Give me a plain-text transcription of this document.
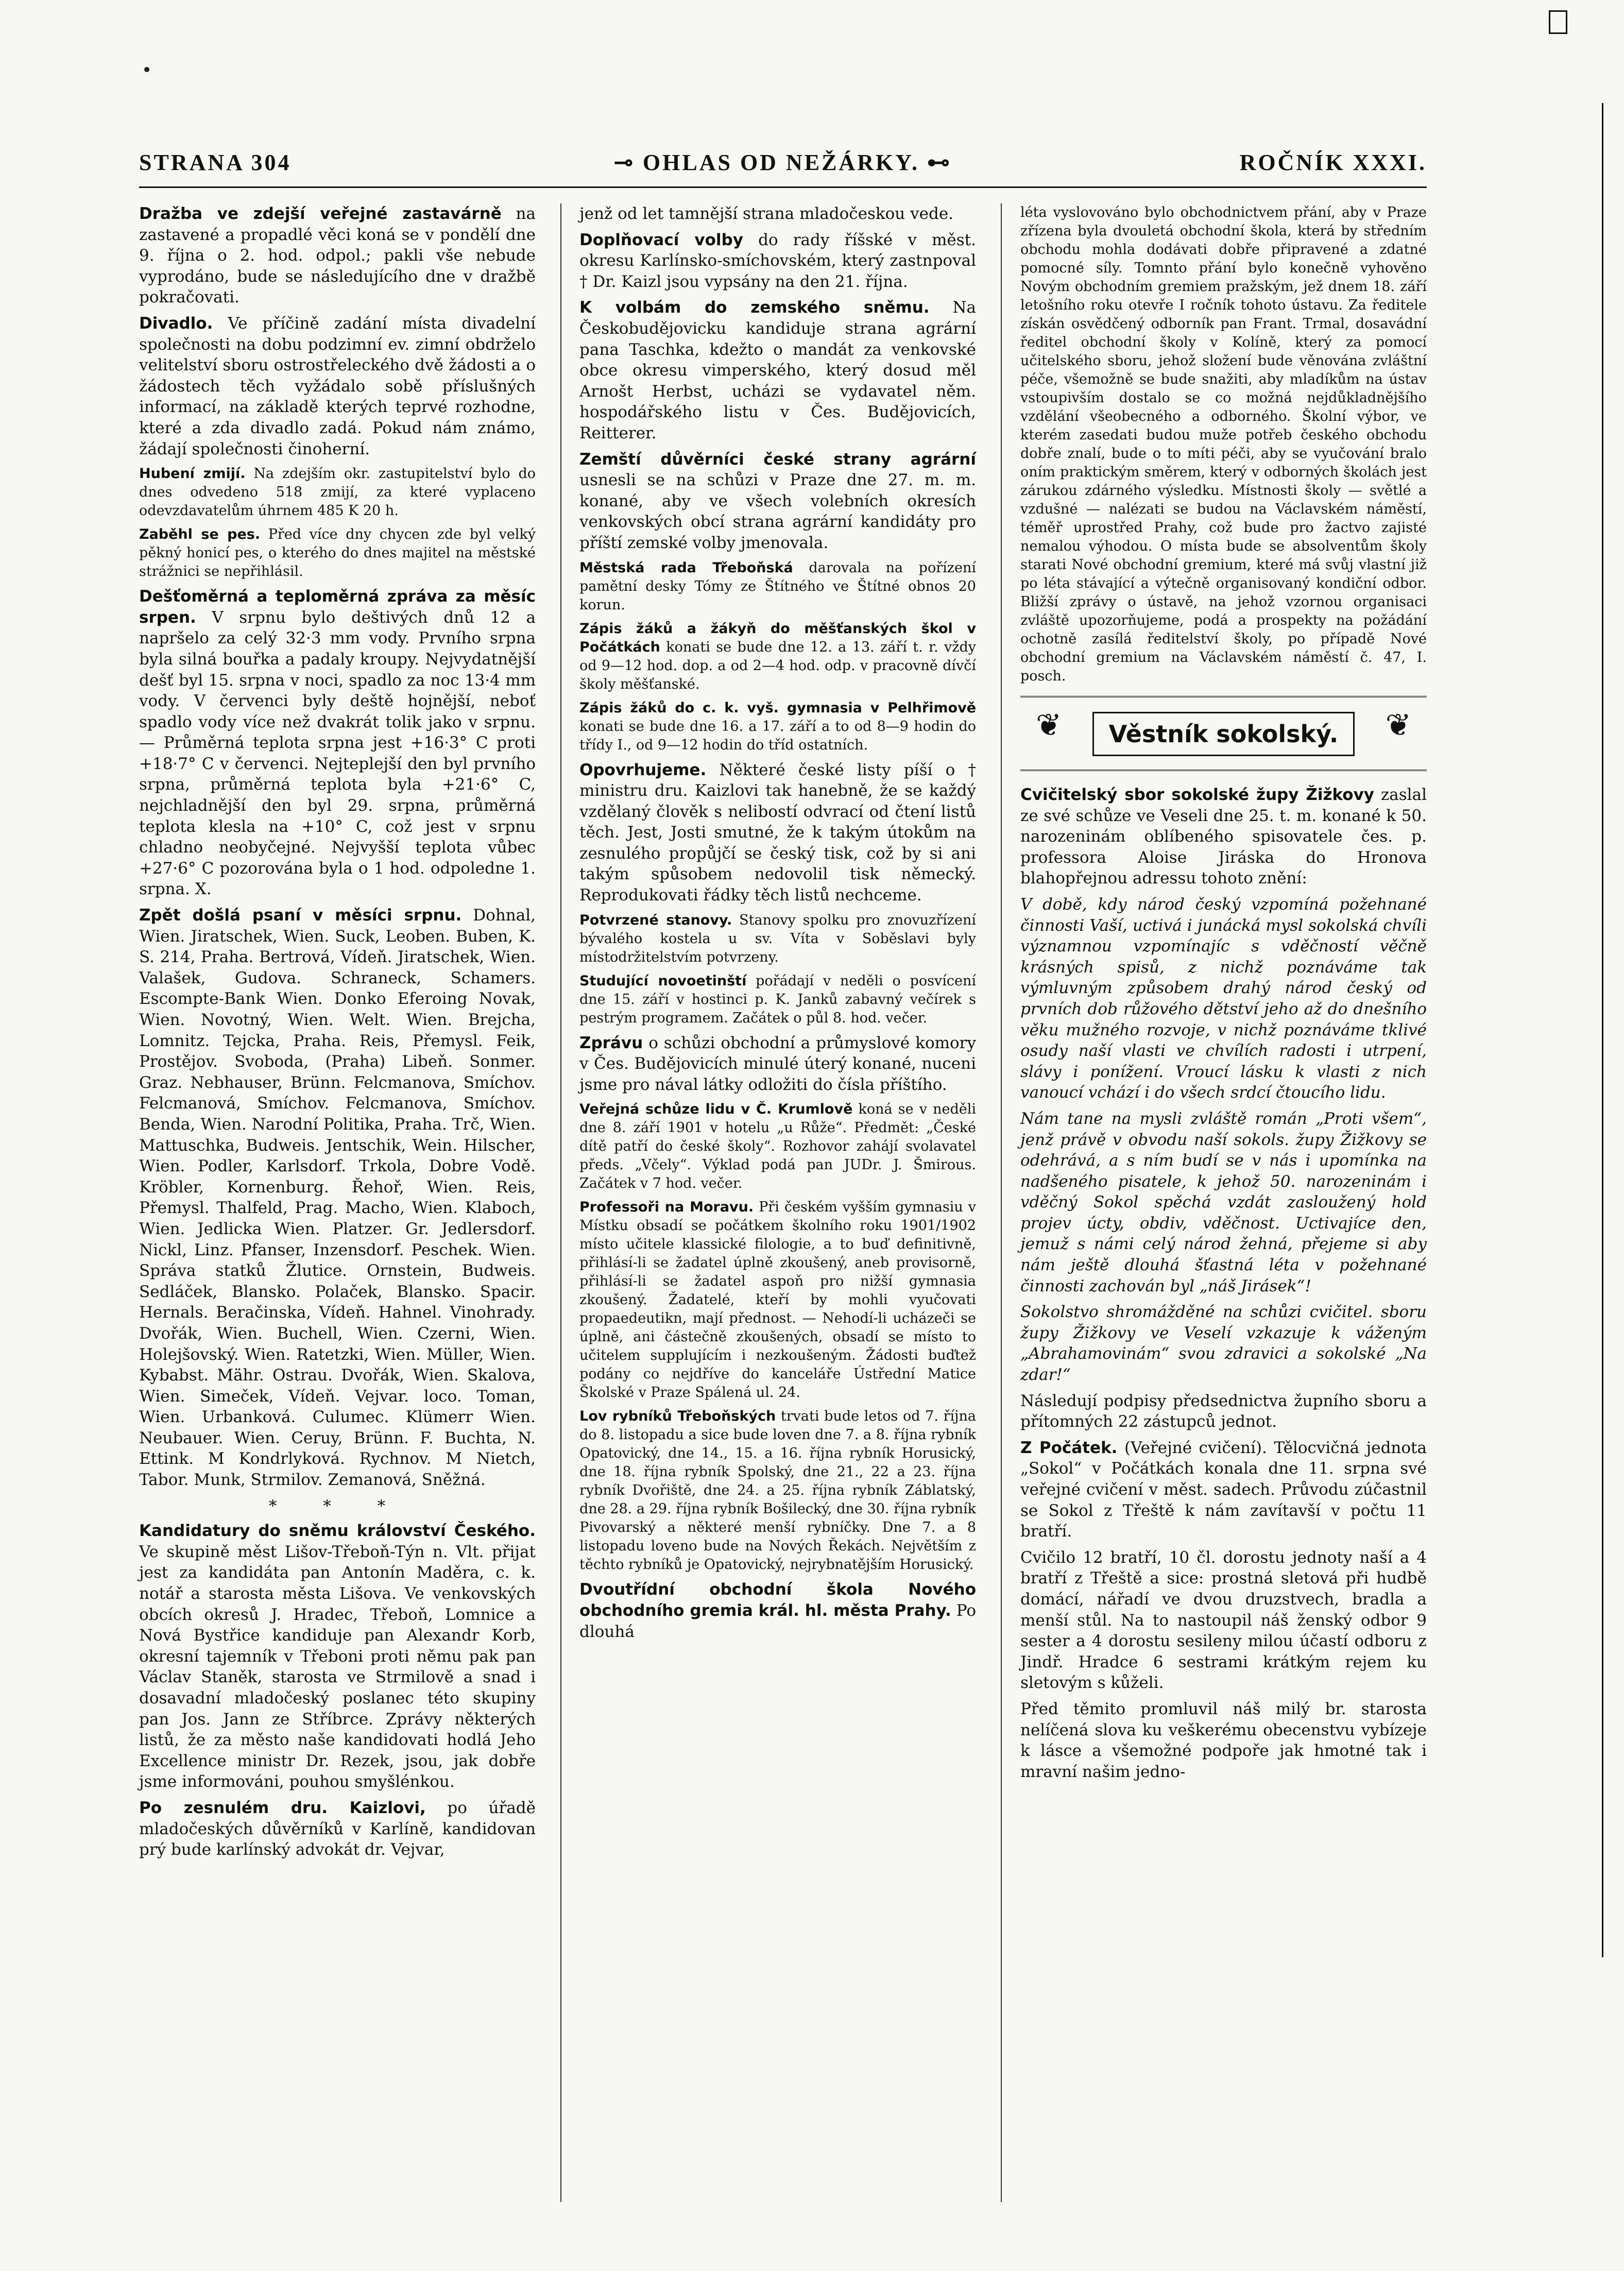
STRANA 304	⊸ OHLAS OD NEŽÁRKY. ⊷	ROČNÍK XXXI.
Dražba ve zdejší veřejné zastavárně na zastavené a propadlé věci koná se v pondělí dne 9. října o 2. hod. odpol.; pakli vše nebude vyprodáno, bude se následujícího dne v dražbě pokračovati.
Divadlo. Ve příčině zadání místa divadelní společnosti na dobu podzimní ev. zimní obdrželo velitelství sboru ostrostřeleckého dvě žádosti a o žádostech těch vyžádalo sobě příslušných informací, na základě kterých teprvé rozhodne, které a zda divadlo zadá. Pokud nám známo, žádají společnosti činoherní.
Hubení zmijí. Na zdejším okr. zastupitelství bylo do dnes odvedeno 518 zmijí, za které vyplaceno odevzdavatelům úhrnem 485 K 20 h.
Zaběhl se pes. Před více dny chycen zde byl velký pěkný honicí pes, o kterého do dnes majitel na městské strážnici se nepřihlásil.
Dešťoměrná a teploměrná zpráva za měsíc srpen. V srpnu bylo deštivých dnů 12 a napršelo za celý 32·3 mm vody. Prvního srpna byla silná bouřka a padaly kroupy. Nejvydatnější dešť byl 15. srpna v noci, spadlo za noc 13·4 mm vody. V červenci byly deště hojnější, neboť spadlo vody více než dvakrát tolik jako v srpnu. — Průměrná teplota srpna jest +16·3° C proti +18·7° C v červenci. Nejteplejší den byl prvního srpna, průměrná teplota byla +21·6° C, nejchladnější den byl 29. srpna, průměrná teplota klesla na +10° C, což jest v srpnu chladno neobyčejné. Nejvyšší teplota vůbec +27·6° C pozorována byla o 1 hod. odpoledne 1. srpna. X.
Zpět došlá psaní v měsíci srpnu. Dohnal, Wien. Jiratschek, Wien. Suck, Leoben. Buben, K. S. 214, Praha. Bertrová, Vídeň. Jiratschek, Wien. Valašek, Gudova. Schraneck, Schamers. Escompte-Bank Wien. Donko Eferoing Novak, Wien. Novotný, Wien. Welt. Wien. Brejcha, Lomnitz. Tejcka, Praha. Reis, Přemysl. Feik, Prostějov. Svoboda, (Praha) Libeň. Sonmer. Graz. Nebhauser, Brünn. Felcmanova, Smíchov. Felcmanová, Smíchov. Felcmanova, Smíchov. Benda, Wien. Narodní Politika, Praha. Trč, Wien. Mattuschka, Budweis. Jentschik, Wein. Hilscher, Wien. Podler, Karlsdorf. Trkola, Dobre Vodě. Kröbler, Kornenburg. Řehoř, Wien. Reis, Přemysl. Thalfeld, Prag. Macho, Wien. Klaboch, Wien. Jedlicka Wien. Platzer. Gr. Jedlersdorf. Nickl, Linz. Pfanser, Inzensdorf. Peschek. Wien. Správa statků Žlutice. Ornstein, Budweis. Sedláček, Blansko. Polaček, Blansko. Spacir. Hernals. Beračinska, Vídeň. Hahnel. Vinohrady. Dvořák, Wien. Buchell, Wien. Czerni, Wien. Holejšovský. Wien. Ratetzki, Wien. Müller, Wien. Kybabst. Mähr. Ostrau. Dvořák, Wien. Skalova, Wien. Simeček, Vídeň. Vejvar. loco. Toman, Wien. Urbanková. Culumec. Klümerr Wien. Neubauer. Wien. Ceruy, Brünn. F. Buchta, N. Ettink. M Kondrlyková. Rychnov. M Nietch, Tabor. Munk, Strmilov. Zemanová, Sněžná.
* * *
Kandidatury do sněmu království Českého. Ve skupině měst Lišov-Třeboň-Týn n. Vlt. přijat jest za kandidáta pan Antonín Maděra, c. k. notář a starosta města Lišova. Ve venkovských obcích okresů J. Hradec, Třeboň, Lomnice a Nová Bystřice kandiduje pan Alexandr Korb, okresní tajemník v Třeboni proti němu pak pan Václav Staněk, starosta ve Strmilově a snad i dosavadní mladočeský poslanec této skupiny pan Jos. Jann ze Stříbrce. Zprávy některých listů, že za město naše kandidovati hodlá Jeho Excellence ministr Dr. Rezek, jsou, jak dobře jsme informováni, pouhou smyšlénkou.
Po zesnulém dru. Kaizlovi, po úřadě mladočeských důvěrníků v Karlíně, kandidovan prý bude karlínský advokát dr. Vejvar,
jenž od let tamnější strana mladočeskou vede.
Doplňovací volby do rady říšské v měst. okresu Karlínsko-smíchovském, který zastnpoval † Dr. Kaizl jsou vypsány na den 21. října.
K volbám do zemského sněmu. Na Českobudějovicku kandiduje strana agrární pana Taschka, kdežto o mandát za venkovské obce okresu vimperského, který dosud měl Arnošt Herbst, ucházi se vydavatel něm. hospodářského listu v Čes. Budějovicích, Reitterer.
Zemští důvěrníci české strany agrární usnesli se na schůzi v Praze dne 27. m. m. konané, aby ve všech volebních okresích venkovských obcí strana agrární kandidáty pro příští zemské volby jmenovala.
Městská rada Třeboňská darovala na pořízení pamětní desky Tómy ze Štítného ve Štítné obnos 20 korun.
Zápis žáků a žákyň do měšťanských škol v Počátkách konati se bude dne 12. a 13. září t. r. vždy od 9—12 hod. dop. a od 2—4 hod. odp. v pracovně dívčí školy měšťanské.
Zápis žáků do c. k. vyš. gymnasia v Pelhřimově konati se bude dne 16. a 17. září a to od 8—9 hodin do třídy I., od 9—12 hodin do tříd ostatních.
Opovrhujeme. Některé české listy píší o † ministru dru. Kaizlovi tak hanebně, že se každý vzdělaný člověk s nelibostí odvrací od čtení listů těch. Jest, Josti smutné, že k takým útokům na zesnulého propůjčí se český tisk, což by si ani takým spůsobem nedovolil tisk německý. Reprodukovati řádky těch listů nechceme.
Potvrzené stanovy. Stanovy spolku pro znovuzřízení bývalého kostela u sv. Víta v Soběslavi byly místodržitelstvím potvrzeny.
Studující novoetinští pořádají v neděli o posvícení dne 15. září v hostinci p. K. Janků zabavný večírek s pestrým programem. Začátek o půl 8. hod. večer.
Zprávu o schůzi obchodní a průmyslové komory v Čes. Budějovicích minulé úterý konané, nuceni jsme pro nával látky odložiti do čísla příštího.
Veřejná schůze lidu v Č. Krumlově koná se v neděli dne 8. září 1901 v hotelu „u Růže“. Předmět: „České dítě patří do české školy“. Rozhovor zahájí svolavatel předs. „Včely“. Výklad podá pan JUDr. J. Šmirous. Začátek v 7 hod. večer.
Professoři na Moravu. Při českém vyšším gymnasiu v Místku obsadí se počátkem školního roku 1901/1902 místo učitele klassické filologie, a to buď definitivně, přihlásí-li se žadatel úplně zkoušený, aneb provisorně, přihlásí-li se žadatel aspoň pro nižší gymnasia zkoušený. Žadatelé, kteří by mohli vyučovati propaedeutikn, mají přednost. — Nehodí-li ucházeči se úplně, ani částečně zkoušených, obsadí se místo to učitelem supplujícím i nezkoušeným. Žádosti buďtež podány co nejdříve do kanceláře Ústřední Matice Školské v Praze Spálená ul. 24.
Lov rybníků Třeboňských trvati bude letos od 7. října do 8. listopadu a sice bude loven dne 7. a 8. října rybník Opatovický, dne 14., 15. a 16. října rybník Horusický, dne 18. října rybník Spolský, dne 21., 22 a 23. října rybník Dvořiště, dne 24. a 25. října rybník Záblatský, dne 28. a 29. října rybník Bošilecký, dne 30. října rybník Pivovarský a některé menší rybníčky. Dne 7. a 8 listopadu loveno bude na Nových Řekách. Největším z těchto rybníků je Opatovický, nejrybnatějším Horusický.
Dvoutřídní obchodní škola Nového obchodního gremia král. hl. města Prahy. Po dlouhá
léta vyslovováno bylo obchodnictvem přání, aby v Praze zřízena byla dvouletá obchodní škola, která by středním obchodu mohla dodávati dobře připravené a zdatné pomocné síly. Tomnto přání bylo konečně vyhověno Novým obchodním gremiem pražským, jež dnem 18. září letošního roku otevře I ročník tohoto ústavu. Za ředitele získán osvědčený odborník pan Frant. Trmal, dosavádní ředitel obchodní školy v Kolíně, který za pomocí učitelského sboru, jehož složení bude věnována zvláštní péče, všemožně se bude snažiti, aby mladíkům na ústav vstoupivším dostalo se co možná nejdůkladnějšího vzdělání všeobecného a odborného. Školní výbor, ve kterém zasedati budou muže potřeb českého obchodu dobře znalí, bude o to míti péči, aby se vyučování bralo oním praktickým směrem, který v odborných školách jest zárukou zdárného výsledku. Místnosti školy — světlé a vzdušné — nalézati se budou na Václavském náměstí, téměř uprostřed Prahy, což bude pro žactvo zajisté nemalou výhodou. O místa bude se absolventům školy starati Nové obchodní gremium, které má svůj vlastní již po léta stávající a výtečně organisovaný kondiční odbor. Bližší zprávy o ústavě, na jehož vzornou organisaci zvláště upozorňujeme, podá a prospekty na požádání ochotně zasílá ředitelství školy, po případě Nové obchodní gremium na Václavském náměstí č. 47, I. posch.
❦	Věstník sokolský.	❦
Cvičitelský sbor sokolské župy Žižkovy zaslal ze své schůze ve Veseli dne 25. t. m. konané k 50. narozeninám oblíbeného spisovatele čes. p. professora Aloise Jiráska do Hronova blahopřejnou adressu tohoto znění:
V době, kdy národ český vzpomíná požehnané činnosti Vaší, uctivá i junácká mysl sokolská chvíli významnou vzpomínajíc s vděčností věčně krásných spisů, z nichž poznáváme tak výmluvným způsobem drahý národ český od prvních dob růžového dětství jeho až do dnešního věku mužného rozvoje, v nichž poznáváme tklivé osudy naší vlasti ve chvílích radosti i utrpení, slávy i ponížení. Vroucí lásku k vlasti z nich vanoucí vchází i do všech srdcí čtoucího lidu.
Nám tane na mysli zvláště román „Proti všem“, jenž právě v obvodu naší sokols. župy Žižkovy se odehrává, a s ním budí se v nás i upomínka na nadšeného pisatele, k jehož 50. narozeninám i vděčný Sokol spěchá vzdát zasloužený hold projev úcty, obdiv, vděčnost. Uctivajíce den, jemuž s námi celý národ žehná, přejeme si aby nám ještě dlouhá šťastná léta v požehnané činnosti zachován byl „náš Jirásek“!
Sokolstvo shromážděné na schůzi cvičitel. sboru župy Žižkovy ve Veselí vzkazuje k váženým „Abrahamovinám“ svou zdravici a sokolské „Na zdar!“
Následují podpisy předsednictva župního sboru a přítomných 22 zástupců jednot.
Z Počátek. (Veřejné cvičení). Tělocvičná jednota „Sokol“ v Počátkách konala dne 11. srpna své veřejné cvičení v měst. sadech. Průvodu zúčastnil se Sokol z Třeště k nám zavítavší v počtu 11 bratří.
Cvičilo 12 bratří, 10 čl. dorostu jednoty naší a 4 bratří z Třeště a sice: prostná sletová při hudbě domácí, nářadí ve dvou druzstvech, bradla a menší stůl. Na to nastoupil náš ženský odbor 9 sester a 4 dorostu sesileny milou účastí odboru z Jindř. Hradce 6 sestrami krátkým rejem ku sletovým s kůželi.
Před těmito promluvil náš milý br. starosta nelíčená slova ku veškerému obecenstvu vybízeje k lásce a všemožné podpoře jak hmotné tak i mravní našim jedno-
